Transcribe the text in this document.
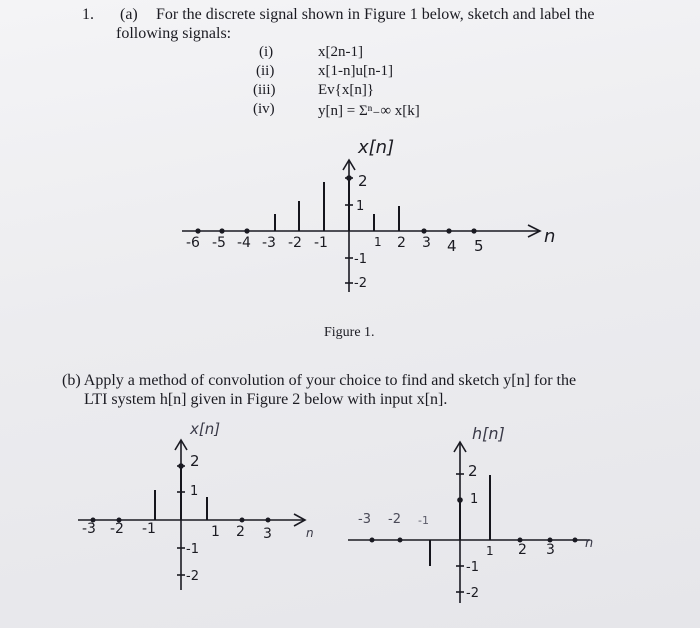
1. (a) For the discrete signal shown in Figure 1 below, sketch and label the
following signals:
(i)	x[2n-1]
(ii)	x[1-n]u[n-1]
(iii)	Ev{x[n]}
(iv)	y[n] = Σⁿ₋∞ x[k]
x[n]
n
-6 -5 -4 -3 -2 -1	1 2 3 4 5
2
1
-1
-2
Figure 1.
(b) Apply a method of convolution of your choice to find and sketch y[n] for the
LTI system h[n] given in Figure 2 below with input x[n].
x[n]
n
-3 -2 -1	1 2 3
2
1
-1
-2
h[n]
n
-3 -2 -1
1 2 3
2
1
-1
-2
